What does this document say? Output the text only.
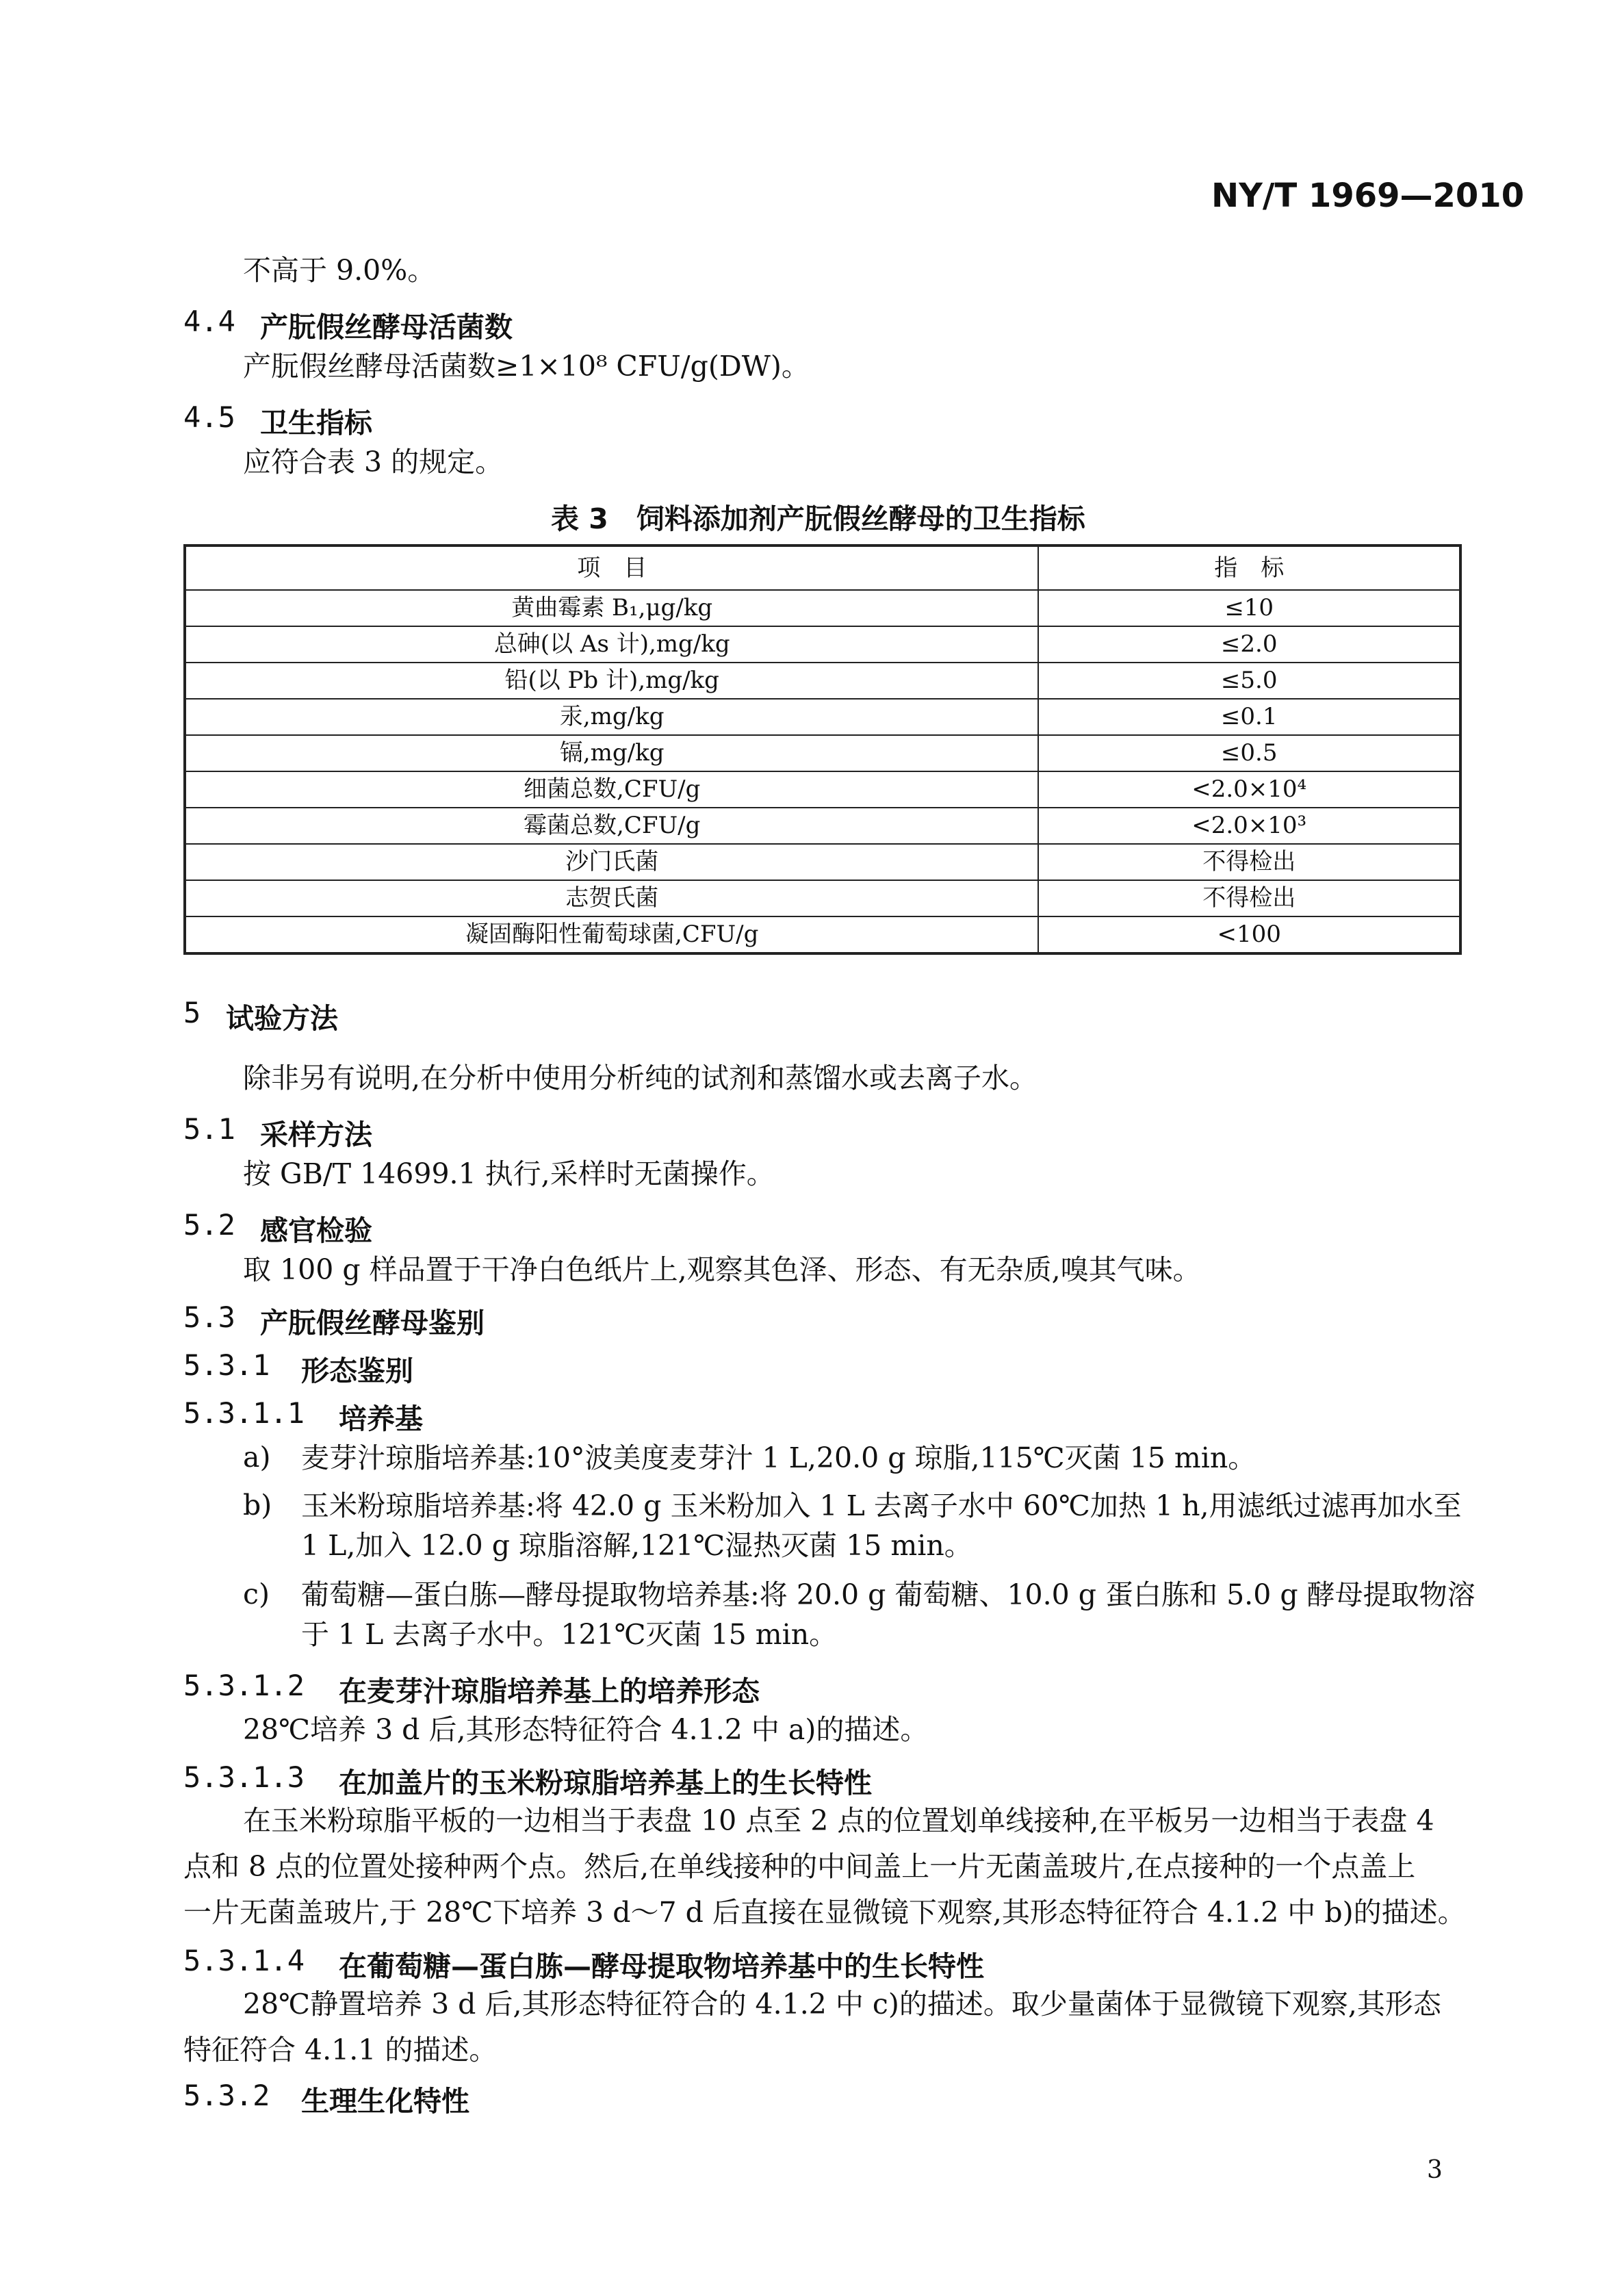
NY/T 1969—2010
不高于 9.0%。
4.4 产朊假丝酵母活菌数
产朊假丝酵母活菌数≥1×10⁸ CFU/g(DW)。
4.5 卫生指标
应符合表 3 的规定。
表 3　饲料添加剂产朊假丝酵母的卫生指标
项　目	指　标
黄曲霉素 B₁,μg/kg	≤10
总砷(以 As 计),mg/kg	≤2.0
铅(以 Pb 计),mg/kg	≤5.0
汞,mg/kg	≤0.1
镉,mg/kg	≤0.5
细菌总数,CFU/g	<2.0×10⁴
霉菌总数,CFU/g	<2.0×10³
沙门氏菌	不得检出
志贺氏菌	不得检出
凝固酶阳性葡萄球菌,CFU/g	<100
5 试验方法
除非另有说明,在分析中使用分析纯的试剂和蒸馏水或去离子水。
5.1 采样方法
按 GB/T 14699.1 执行,采样时无菌操作。
5.2 感官检验
取 100 g 样品置于干净白色纸片上,观察其色泽、形态、有无杂质,嗅其气味。
5.3 产朊假丝酵母鉴别
5.3.1 形态鉴别
5.3.1.1 培养基
a) 麦芽汁琼脂培养基:10°波美度麦芽汁 1 L,20.0 g 琼脂,115℃灭菌 15 min。
b) 玉米粉琼脂培养基:将 42.0 g 玉米粉加入 1 L 去离子水中 60℃加热 1 h,用滤纸过滤再加水至
1 L,加入 12.0 g 琼脂溶解,121℃湿热灭菌 15 min。
c) 葡萄糖—蛋白胨—酵母提取物培养基:将 20.0 g 葡萄糖、10.0 g 蛋白胨和 5.0 g 酵母提取物溶
于 1 L 去离子水中。121℃灭菌 15 min。
5.3.1.2 在麦芽汁琼脂培养基上的培养形态
28℃培养 3 d 后,其形态特征符合 4.1.2 中 a)的描述。
5.3.1.3 在加盖片的玉米粉琼脂培养基上的生长特性
在玉米粉琼脂平板的一边相当于表盘 10 点至 2 点的位置划单线接种,在平板另一边相当于表盘 4
点和 8 点的位置处接种两个点。然后,在单线接种的中间盖上一片无菌盖玻片,在点接种的一个点盖上
一片无菌盖玻片,于 28℃下培养 3 d～7 d 后直接在显微镜下观察,其形态特征符合 4.1.2 中 b)的描述。
5.3.1.4 在葡萄糖—蛋白胨—酵母提取物培养基中的生长特性
28℃静置培养 3 d 后,其形态特征符合的 4.1.2 中 c)的描述。取少量菌体于显微镜下观察,其形态
特征符合 4.1.1 的描述。
5.3.2 生理生化特性
3
